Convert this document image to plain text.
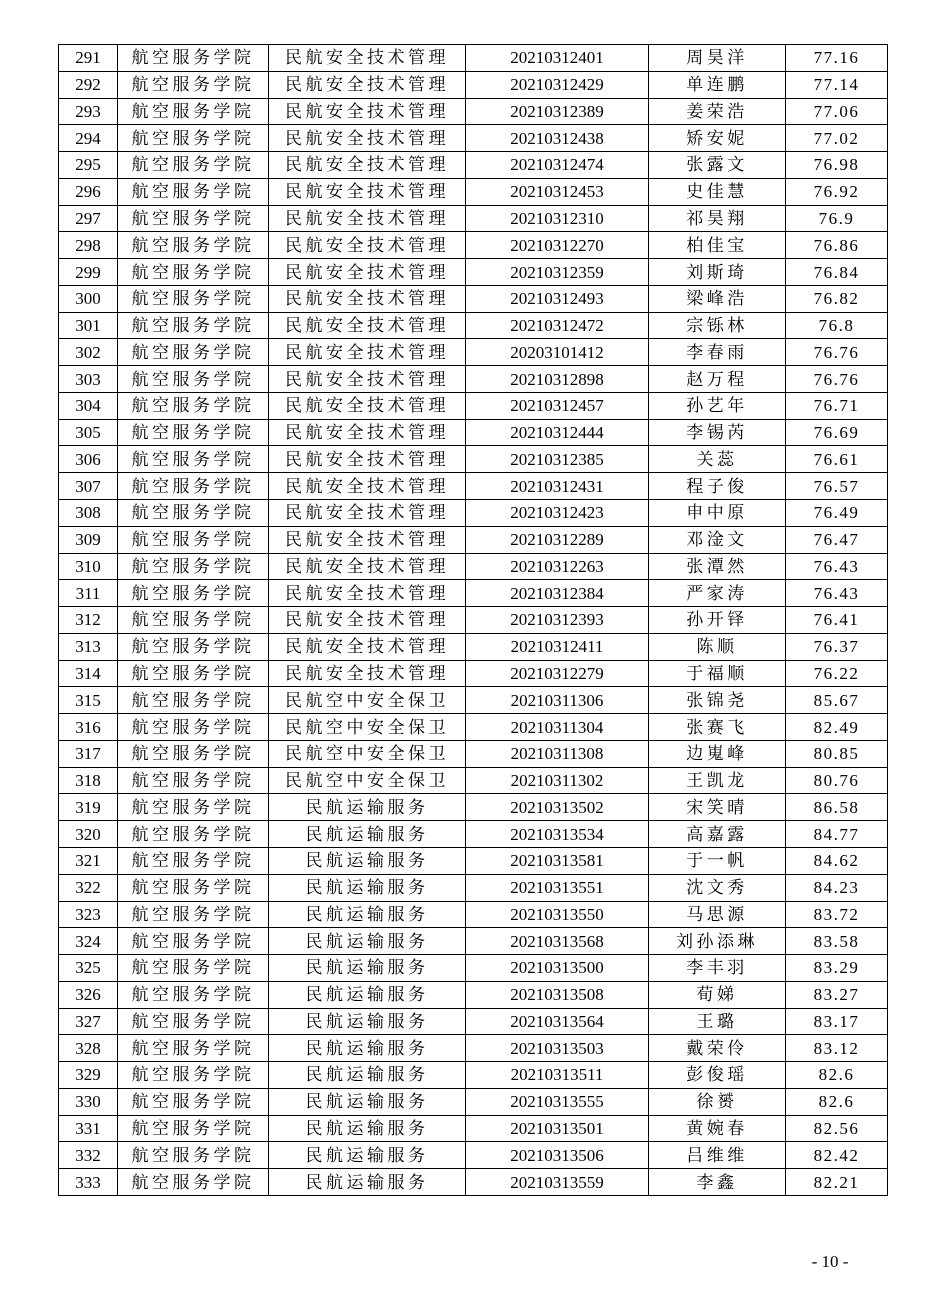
291	航空服务学院	民航安全技术管理	20210312401	周昊洋	77.16
292	航空服务学院	民航安全技术管理	20210312429	单连鹏	77.14
293	航空服务学院	民航安全技术管理	20210312389	姜荣浩	77.06
294	航空服务学院	民航安全技术管理	20210312438	矫安妮	77.02
295	航空服务学院	民航安全技术管理	20210312474	张露文	76.98
296	航空服务学院	民航安全技术管理	20210312453	史佳慧	76.92
297	航空服务学院	民航安全技术管理	20210312310	祁昊翔	76.9
298	航空服务学院	民航安全技术管理	20210312270	柏佳宝	76.86
299	航空服务学院	民航安全技术管理	20210312359	刘斯琦	76.84
300	航空服务学院	民航安全技术管理	20210312493	梁峰浩	76.82
301	航空服务学院	民航安全技术管理	20210312472	宗铄林	76.8
302	航空服务学院	民航安全技术管理	20203101412	李春雨	76.76
303	航空服务学院	民航安全技术管理	20210312898	赵万程	76.76
304	航空服务学院	民航安全技术管理	20210312457	孙艺年	76.71
305	航空服务学院	民航安全技术管理	20210312444	李锡芮	76.69
306	航空服务学院	民航安全技术管理	20210312385	关蕊	76.61
307	航空服务学院	民航安全技术管理	20210312431	程子俊	76.57
308	航空服务学院	民航安全技术管理	20210312423	申中原	76.49
309	航空服务学院	民航安全技术管理	20210312289	邓淦文	76.47
310	航空服务学院	民航安全技术管理	20210312263	张潭然	76.43
311	航空服务学院	民航安全技术管理	20210312384	严家涛	76.43
312	航空服务学院	民航安全技术管理	20210312393	孙开铎	76.41
313	航空服务学院	民航安全技术管理	20210312411	陈顺	76.37
314	航空服务学院	民航安全技术管理	20210312279	于福顺	76.22
315	航空服务学院	民航空中安全保卫	20210311306	张锦尧	85.67
316	航空服务学院	民航空中安全保卫	20210311304	张赛飞	82.49
317	航空服务学院	民航空中安全保卫	20210311308	边嵬峰	80.85
318	航空服务学院	民航空中安全保卫	20210311302	王凯龙	80.76
319	航空服务学院	民航运输服务	20210313502	宋笑晴	86.58
320	航空服务学院	民航运输服务	20210313534	高嘉露	84.77
321	航空服务学院	民航运输服务	20210313581	于一帆	84.62
322	航空服务学院	民航运输服务	20210313551	沈文秀	84.23
323	航空服务学院	民航运输服务	20210313550	马思源	83.72
324	航空服务学院	民航运输服务	20210313568	刘孙添琳	83.58
325	航空服务学院	民航运输服务	20210313500	李丰羽	83.29
326	航空服务学院	民航运输服务	20210313508	荀娣	83.27
327	航空服务学院	民航运输服务	20210313564	王璐	83.17
328	航空服务学院	民航运输服务	20210313503	戴荣伶	83.12
329	航空服务学院	民航运输服务	20210313511	彭俊瑶	82.6
330	航空服务学院	民航运输服务	20210313555	徐赟	82.6
331	航空服务学院	民航运输服务	20210313501	黄婉春	82.56
332	航空服务学院	民航运输服务	20210313506	吕维维	82.42
333	航空服务学院	民航运输服务	20210313559	李鑫	82.21
- 10 -
